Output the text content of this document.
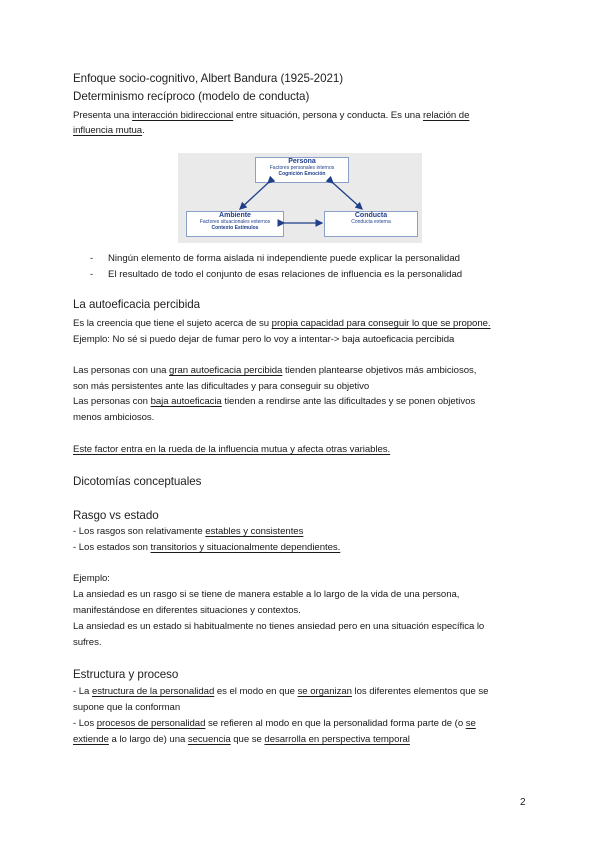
Enfoque socio-cognitivo, Albert Bandura (1925-2021)
Determinismo recíproco (modelo de conducta)
Presenta una interacción bidireccional entre situación, persona y conducta. Es una relación de
influencia mutua.
Persona
Factores personales internos
Cognición Emoción
Ambiente
Factores situacionales externos
Contexto Estímulos
Conducta
Conducta externa
- Ningún elemento de forma aislada ni independiente puede explicar la personalidad
- El resultado de todo el conjunto de esas relaciones de influencia es la personalidad
La autoeficacia percibida
Es la creencia que tiene el sujeto acerca de su propia capacidad para conseguir lo que se propone.
Ejemplo: No sé si puedo dejar de fumar pero lo voy a intentar-> baja autoeficacia percibida
Las personas con una gran autoeficacia percibida tienden plantearse objetivos más ambiciosos,
son más persistentes ante las dificultades y para conseguir su objetivo
Las personas con baja autoeficacia tienden a rendirse ante las dificultades y se ponen objetivos
menos ambiciosos.
Este factor entra en la rueda de la influencia mutua y afecta otras variables.
Dicotomías conceptuales
Rasgo vs estado
- Los rasgos son relativamente estables y consistentes
- Los estados son transitorios y situacionalmente dependientes.
Ejemplo:
La ansiedad es un rasgo si se tiene de manera estable a lo largo de la vida de una persona,
manifestándose en diferentes situaciones y contextos.
La ansiedad es un estado si habitualmente no tienes ansiedad pero en una situación específica lo
sufres.
Estructura y proceso
- La estructura de la personalidad es el modo en que se organizan los diferentes elementos que se
supone que la conforman
- Los procesos de personalidad se refieren al modo en que la personalidad forma parte de (o se
extiende a lo largo de) una secuencia que se desarrolla en perspectiva temporal
2
